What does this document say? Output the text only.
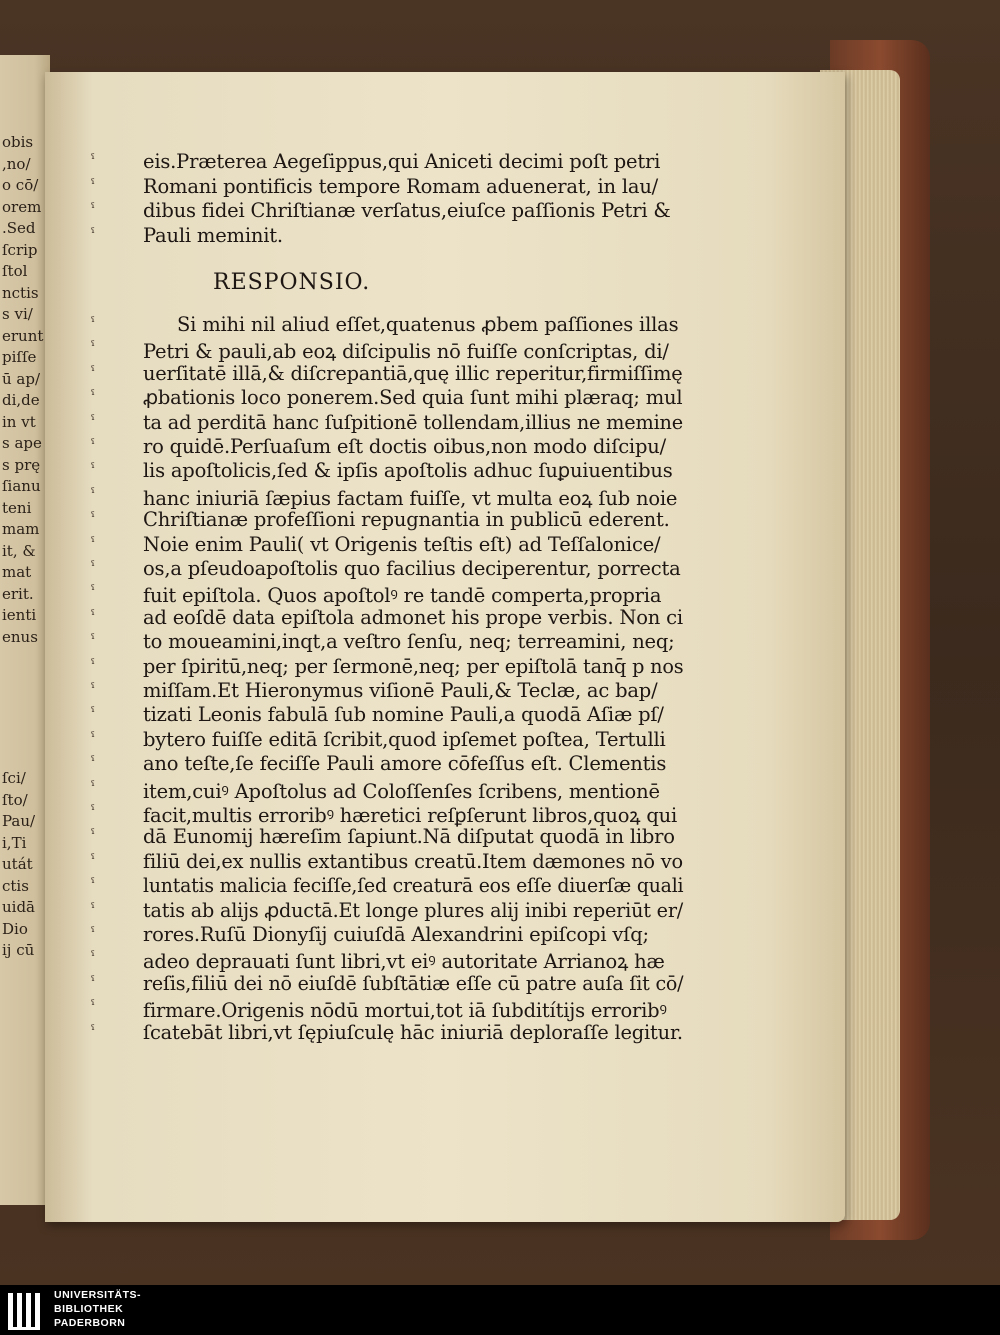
obis
,no/
o cō/
orem
.Sed
ſcrip
ſtol
nctis
s vi/
erunt
piſſe
ū ap/
di,de
in vt
s ape
s prę
ſianu
teni
mam
it, &
mat
erit.
ienti
enus
ſci/
ſto/
Pau/
i,Ti
utát
ctis
uidā
Dio
ij cū
ˁ eis.Præterea Aegeſippus,qui Aniceti decimi poſt petri
ˁ Romani pontificis tempore Romam aduenerat, in lau/
ˁ dibus fidei Chriſtianæ verſatus,eiuſce paſſionis Petri &
ˁ Pauli meminit.
ˁ	Si mihi nil aliud eſſet,quatenus ꝓbem paſſiones illas
ˁ Petri & pauli,ab eoꝝ diſcipulis nō fuiſſe conſcriptas, di/
ˁ uerſitatē illā,& diſcrepantiā,quę illic reperitur,firmiſſimę
ˁ ꝓbationis loco ponerem.Sed quia ſunt mihi plæraq; mul
ˁ ta ad perditā hanc ſuſpitionē tollendam,illius ne memine
ˁ ro quidē.Perſuaſum eſt doctis oibus,non modo diſcipu/
ˁ lis apoſtolicis,ſed & ipſis apoſtolis adhuc ſuꝑuiuentibus
ˁ hanc iniuriā ſæpius factam fuiſſe, vt multa eoꝝ ſub noie
ˁ Chriſtianæ profeſſioni repugnantia in publicū ederent.
ˁ Noie enim Pauli( vt Origenis teſtis eſt) ad Teſſalonice/
ˁ os,a pſeudoapoſtolis quo facilius deciperentur, porrecta
ˁ fuit epiſtola. Quos apoſtolꝰ re tandē comperta,propria
ˁ ad eoſdē data epiſtola admonet his prope verbis. Non ci
ˁ to moueamini,inqt,a veſtro ſenſu, neq; terreamini, neq;
ˁ per ſpiritū,neq; per ſermonē,neq; per epiſtolā tanq̄ p nos
ˁ miſſam.Et Hieronymus viſionē Pauli,& Teclæ, ac bap/
ˁ tizati Leonis fabulā ſub nomine Pauli,a quodā Aſiæ pſ/
ˁ bytero fuiſſe editā ſcribit,quod ipſemet poſtea, Tertulli
ˁ ano teſte,ſe feciſſe Pauli amore cōfeſſus eſt. Clementis
ˁ item,cuiꝰ Apoſtolus ad Coloſſenſes ſcribens, mentionē
ˁ facit,multis erroribꝰ hæretici reſꝑſerunt libros,quoꝝ qui
ˁ dā Eunomij hæreſim ſapiunt.Nā diſputat quodā in libro
ˁ filiū dei,ex nullis extantibus creatū.Item dæmones nō vo
ˁ luntatis malicia feciſſe,ſed creaturā eos eſſe diuerſæ quali
ˁ tatis ab alijs ꝓductā.Et longe plures alij inibi reperiūt er/
ˁ rores.Ruſū Dionyſij cuiuſdā Alexandrini epiſcopi vſq;
ˁ adeo deprauati ſunt libri,vt eiꝰ autoritate Arrianoꝝ hæ
ˁ reſis,filiū dei nō eiuſdē ſubſtātiæ eſſe cū patre auſa ſit cō/
ˁ firmare.Origenis nōdū mortui,tot iā ſubditítijs erroribꝰ
ˁ ſcatebāt libri,vt ſępiuſculę hāc iniuriā deploraſſe legitur.
RESPONSIO.
UNIVERSITÄTS-
BIBLIOTHEK
PADERBORN
